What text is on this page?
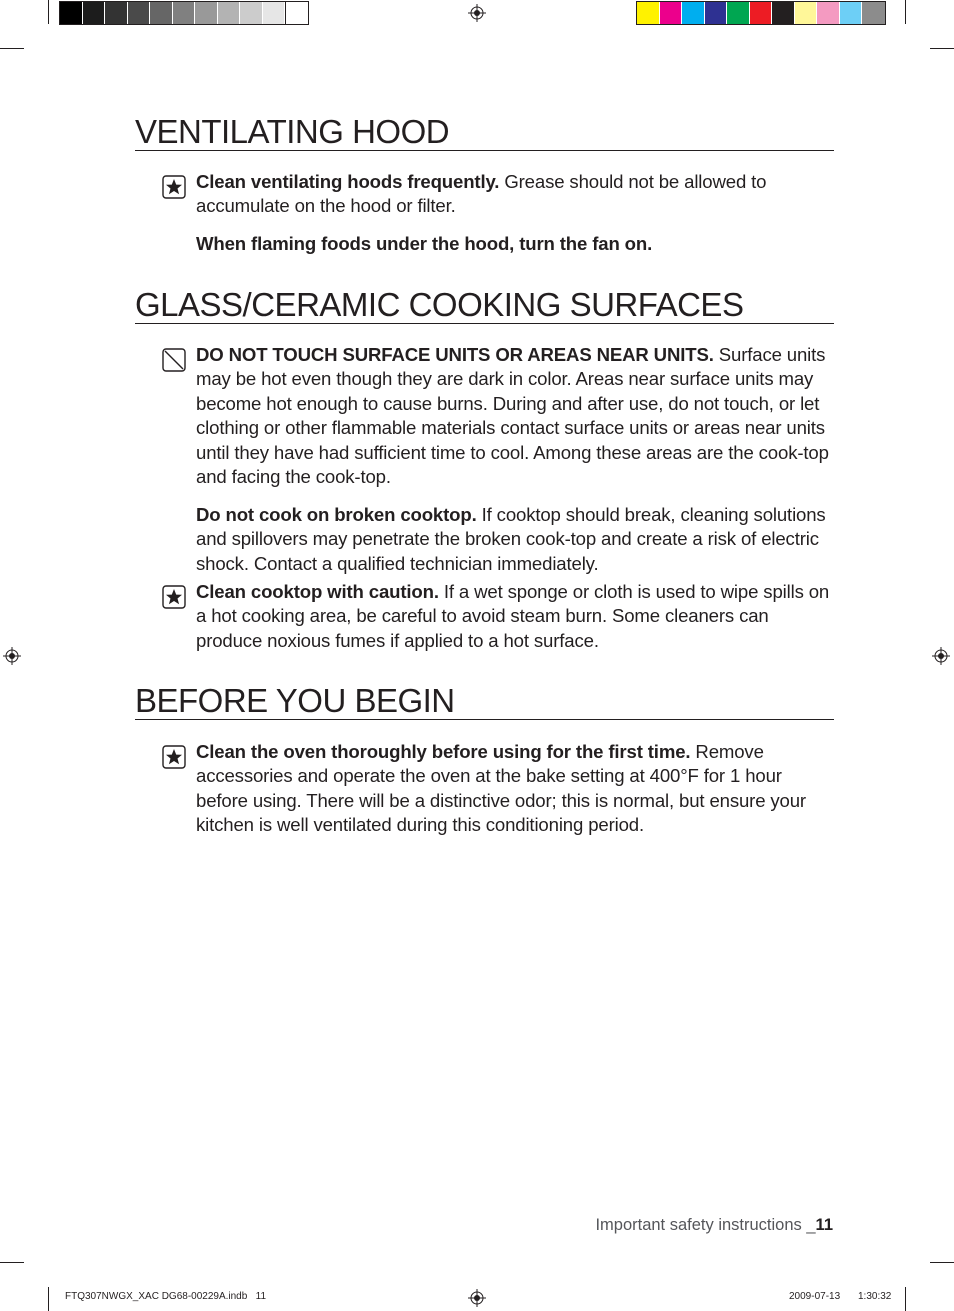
VENTILATING HOOD

Clean ventilating hoods frequently. Grease should not be allowed to accumulate on the hood or filter.

When flaming foods under the hood, turn the fan on.

GLASS/CERAMIC COOKING SURFACES

DO NOT TOUCH SURFACE UNITS OR AREAS NEAR UNITS. Surface units may be hot even though they are dark in color. Areas near surface units may become hot enough to cause burns. During and after use, do not touch, or let clothing or other flammable materials contact surface units or areas near units until they have had sufficient time to cool. Among these areas are the cook-top and facing the cook-top.

Do not cook on broken cooktop. If cooktop should break, cleaning solutions and spillovers may penetrate the broken cook-top and create a risk of electric shock. Contact a qualified technician immediately.

Clean cooktop with caution. If a wet sponge or cloth is used to wipe spills on a hot cooking area, be careful to avoid steam burn. Some cleaners can produce noxious fumes if applied to a hot surface.

BEFORE YOU BEGIN

Clean the oven thoroughly before using for the first time. Remove accessories and operate the oven at the bake setting at 400°F for 1 hour before using. There will be a distinctive odor; this is normal, but ensure your kitchen is well ventilated during this conditioning period.

Important safety instructions _11
FTQ307NWGX_XAC DG68-00229A.indb   11	2009-07-13 1:30:32
